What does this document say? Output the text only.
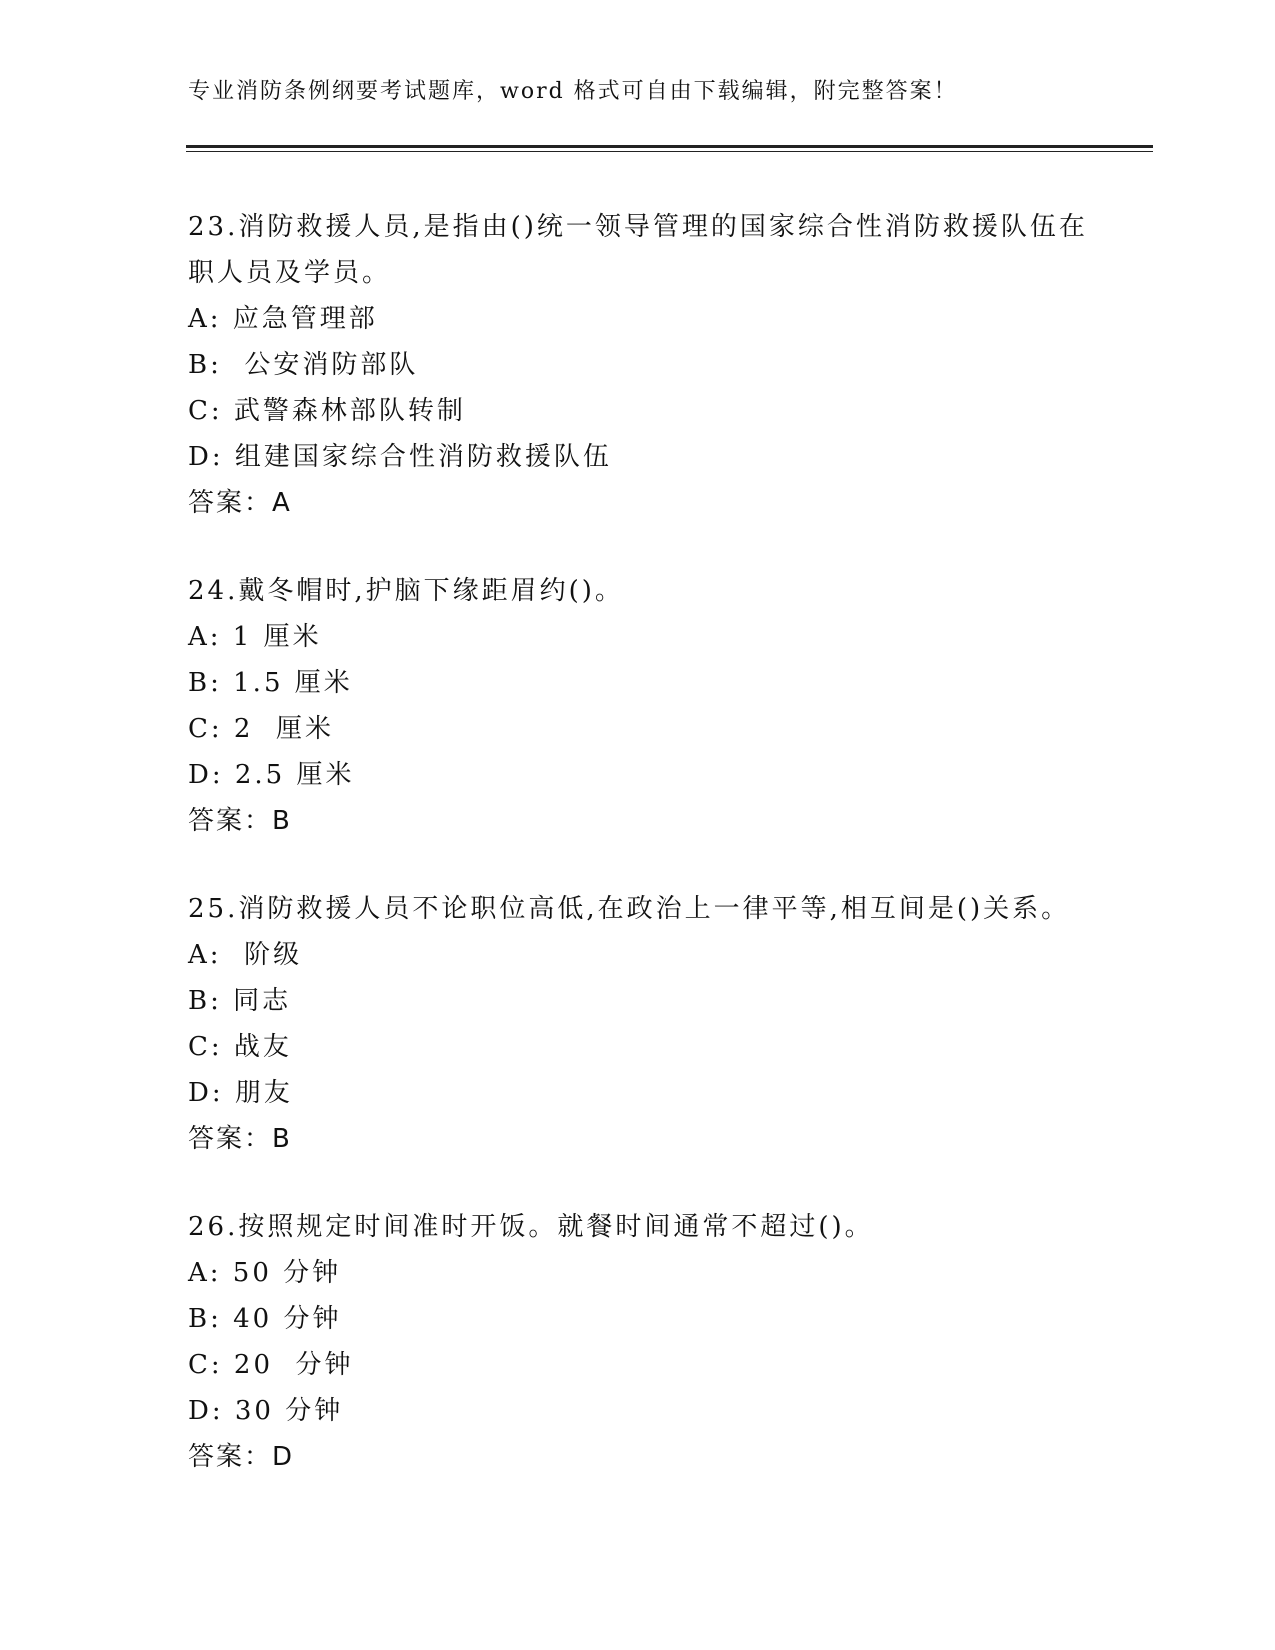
专业消防条例纲要考试题库，word 格式可自由下载编辑，附完整答案！

23.消防救援人员,是指由()统一领导管理的国家综合性消防救援队伍在职人员及学员。

A: 应急管理部
B:  公安消防部队
C: 武警森林部队转制
D: 组建国家综合性消防救援队伍
答案：A

24.戴冬帽时,护脑下缘距眉约()。

A: 1 厘米
B: 1.5 厘米
C: 2  厘米
D: 2.5 厘米
答案：B

25.消防救援人员不论职位高低,在政治上一律平等,相互间是()关系。

A:  阶级
B: 同志
C: 战友
D: 朋友
答案：B

26.按照规定时间准时开饭。就餐时间通常不超过()。

A: 50 分钟
B: 40 分钟
C: 20  分钟
D: 30 分钟
答案：D
